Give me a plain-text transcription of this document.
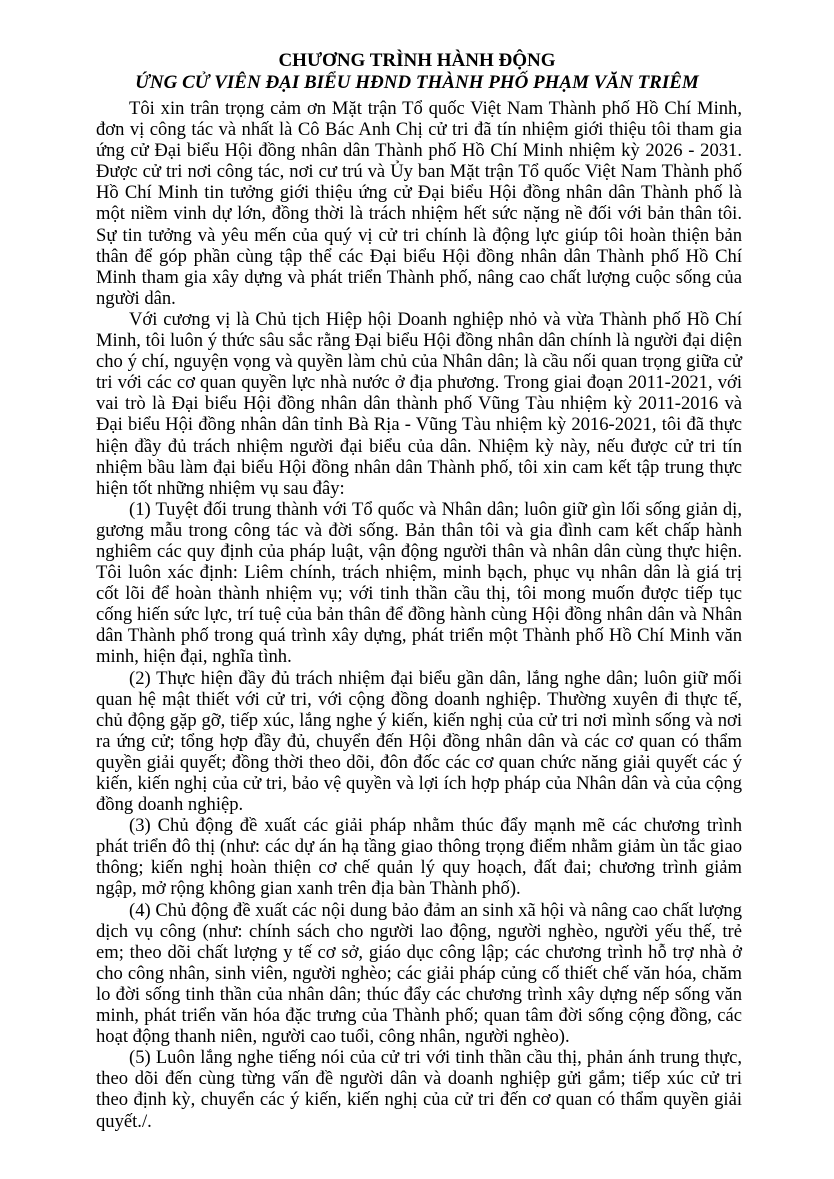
CHƯƠNG TRÌNH HÀNH ĐỘNG
ỨNG CỬ VIÊN ĐẠI BIỂU HĐND THÀNH PHỐ PHẠM VĂN TRIÊM

Tôi xin trân trọng cảm ơn Mặt trận Tổ quốc Việt Nam Thành phố Hồ Chí Minh, đơn vị công tác và nhất là Cô Bác Anh Chị cử tri đã tín nhiệm giới thiệu tôi tham gia ứng cử Đại biểu Hội đồng nhân dân Thành phố Hồ Chí Minh nhiệm kỳ 2026 - 2031. Được cử tri nơi công tác, nơi cư trú và Ủy ban Mặt trận Tổ quốc Việt Nam Thành phố Hồ Chí Minh tin tưởng giới thiệu ứng cử Đại biểu Hội đồng nhân dân Thành phố là một niềm vinh dự lớn, đồng thời là trách nhiệm hết sức nặng nề đối với bản thân tôi. Sự tin tưởng và yêu mến của quý vị cử tri chính là động lực giúp tôi hoàn thiện bản thân để góp phần cùng tập thể các Đại biểu Hội đồng nhân dân Thành phố Hồ Chí Minh tham gia xây dựng và phát triển Thành phố, nâng cao chất lượng cuộc sống của người dân.

Với cương vị là Chủ tịch Hiệp hội Doanh nghiệp nhỏ và vừa Thành phố Hồ Chí Minh, tôi luôn ý thức sâu sắc rằng Đại biểu Hội đồng nhân dân chính là người đại diện cho ý chí, nguyện vọng và quyền làm chủ của Nhân dân; là cầu nối quan trọng giữa cử tri với các cơ quan quyền lực nhà nước ở địa phương. Trong giai đoạn 2011-2021, với vai trò là Đại biểu Hội đồng nhân dân thành phố Vũng Tàu nhiệm kỳ 2011-2016 và Đại biểu Hội đồng nhân dân tỉnh Bà Rịa - Vũng Tàu nhiệm kỳ 2016-2021, tôi đã thực hiện đầy đủ trách nhiệm người đại biểu của dân. Nhiệm kỳ này, nếu được cử tri tín nhiệm bầu làm đại biểu Hội đồng nhân dân Thành phố, tôi xin cam kết tập trung thực hiện tốt những nhiệm vụ sau đây:

(1) Tuyệt đối trung thành với Tổ quốc và Nhân dân; luôn giữ gìn lối sống giản dị, gương mẫu trong công tác và đời sống. Bản thân tôi và gia đình cam kết chấp hành nghiêm các quy định của pháp luật, vận động người thân và nhân dân cùng thực hiện. Tôi luôn xác định: Liêm chính, trách nhiệm, minh bạch, phục vụ nhân dân là giá trị cốt lõi để hoàn thành nhiệm vụ; với tinh thần cầu thị, tôi mong muốn được tiếp tục cống hiến sức lực, trí tuệ của bản thân để đồng hành cùng Hội đồng nhân dân và Nhân dân Thành phố trong quá trình xây dựng, phát triển một Thành phố Hồ Chí Minh văn minh, hiện đại, nghĩa tình.

(2) Thực hiện đầy đủ trách nhiệm đại biểu gần dân, lắng nghe dân; luôn giữ mối quan hệ mật thiết với cử tri, với cộng đồng doanh nghiệp. Thường xuyên đi thực tế, chủ động gặp gỡ, tiếp xúc, lắng nghe ý kiến, kiến nghị của cử tri nơi mình sống và nơi ra ứng cử; tổng hợp đầy đủ, chuyển đến Hội đồng nhân dân và các cơ quan có thẩm quyền giải quyết; đồng thời theo dõi, đôn đốc các cơ quan chức năng giải quyết các ý kiến, kiến nghị của cử tri, bảo vệ quyền và lợi ích hợp pháp của Nhân dân và của cộng đồng doanh nghiệp.

(3) Chủ động đề xuất các giải pháp nhằm thúc đẩy mạnh mẽ các chương trình phát triển đô thị (như: các dự án hạ tầng giao thông trọng điểm nhằm giảm ùn tắc giao thông; kiến nghị hoàn thiện cơ chế quản lý quy hoạch, đất đai; chương trình giảm ngập, mở rộng không gian xanh trên địa bàn Thành phố).

(4) Chủ động đề xuất các nội dung bảo đảm an sinh xã hội và nâng cao chất lượng dịch vụ công (như: chính sách cho người lao động, người nghèo, người yếu thế, trẻ em; theo dõi chất lượng y tế cơ sở, giáo dục công lập; các chương trình hỗ trợ nhà ở cho công nhân, sinh viên, người nghèo; các giải pháp củng cố thiết chế văn hóa, chăm lo đời sống tinh thần của nhân dân; thúc đẩy các chương trình xây dựng nếp sống văn minh, phát triển văn hóa đặc trưng của Thành phố; quan tâm đời sống cộng đồng, các hoạt động thanh niên, người cao tuổi, công nhân, người nghèo).

(5) Luôn lắng nghe tiếng nói của cử tri với tinh thần cầu thị, phản ánh trung thực, theo dõi đến cùng từng vấn đề người dân và doanh nghiệp gửi gắm; tiếp xúc cử tri theo định kỳ, chuyển các ý kiến, kiến nghị của cử tri đến cơ quan có thẩm quyền giải quyết./.
